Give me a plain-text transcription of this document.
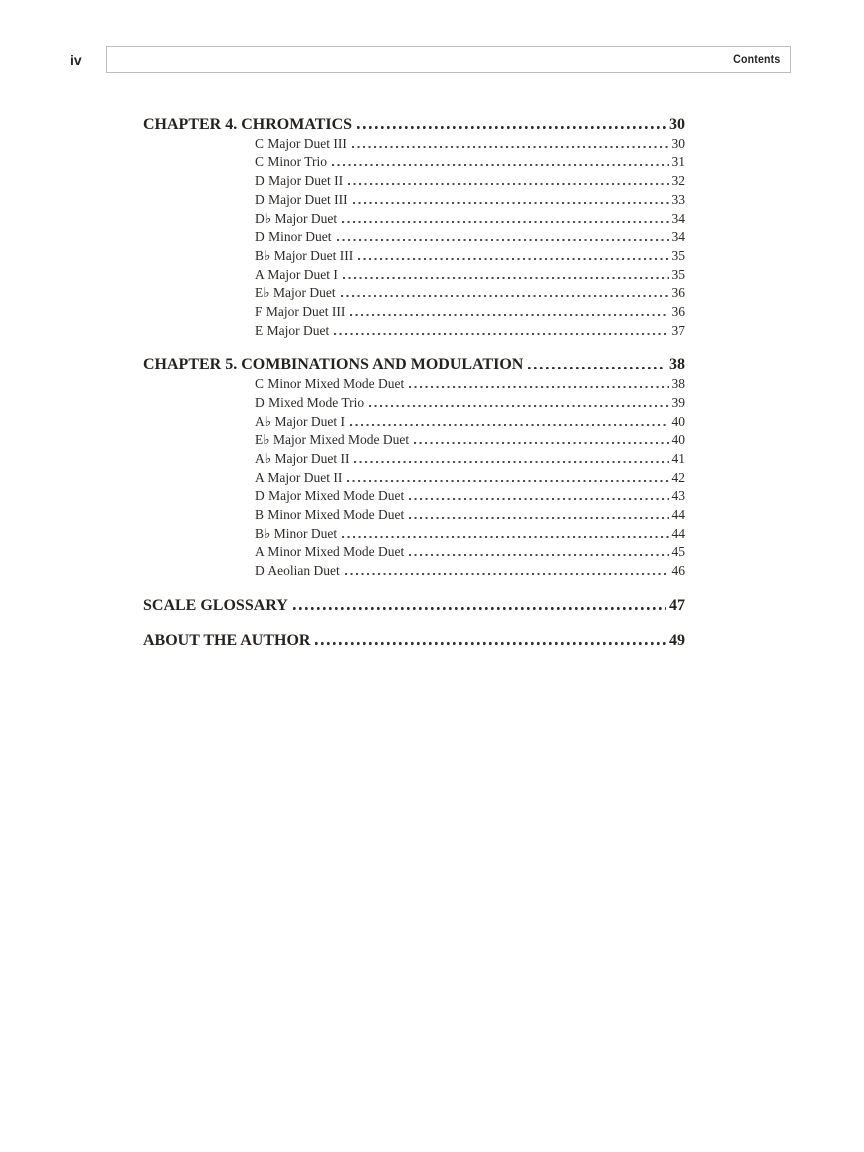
iv	Contents
CHAPTER 4. CHROMATICS	30
C Major Duet III	30
C Minor Trio	31
D Major Duet II	32
D Major Duet III	33
D♭ Major Duet	34
D Minor Duet	34
B♭ Major Duet III	35
A Major Duet I	35
E♭ Major Duet	36
F Major Duet III	36
E Major Duet	37
CHAPTER 5. COMBINATIONS AND MODULATION	38
C Minor Mixed Mode Duet	38
D Mixed Mode Trio	39
A♭ Major Duet I	40
E♭ Major Mixed Mode Duet	40
A♭ Major Duet II	41
A Major Duet II	42
D Major Mixed Mode Duet	43
B Minor Mixed Mode Duet	44
B♭ Minor Duet	44
A Minor Mixed Mode Duet	45
D Aeolian Duet	46
SCALE GLOSSARY	47
ABOUT THE AUTHOR	49
